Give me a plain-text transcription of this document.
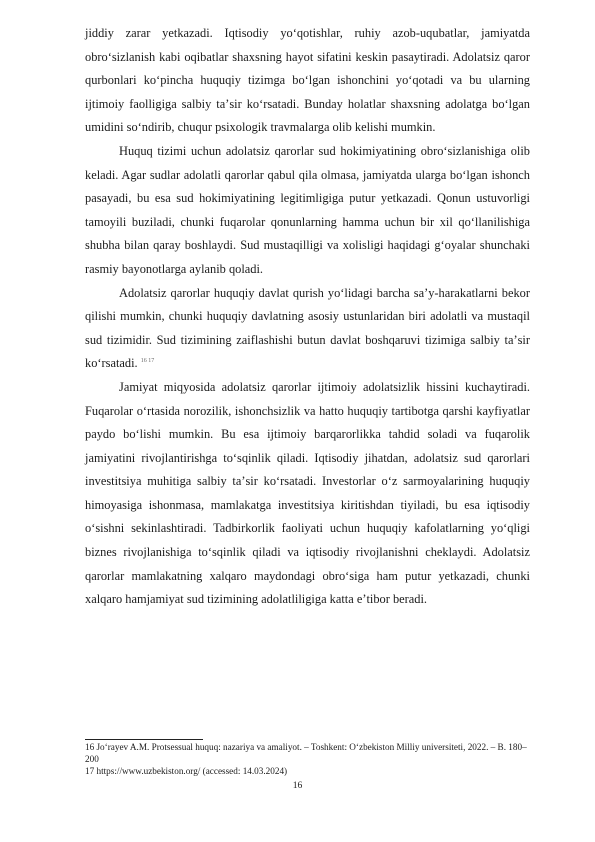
jiddiy zarar yetkazadi. Iqtisodiy yoʻqotishlar, ruhiy azob-uqubatlar, jamiyatda obroʻsizlanish kabi oqibatlar shaxsning hayot sifatini keskin pasaytiradi. Adolatsiz qaror qurbonlari koʻpincha huquqiy tizimga boʻlgan ishonchini yoʻqotadi va bu ularning ijtimoiy faolligiga salbiy taʼsir koʻrsatadi. Bunday holatlar shaxsning adolatga boʻlgan umidini soʻndirib, chuqur psixologik travmalarga olib kelishi mumkin.

Huquq tizimi uchun adolatsiz qarorlar sud hokimiyatining obroʻsizlanishiga olib keladi. Agar sudlar adolatli qarorlar qabul qila olmasa, jamiyatda ularga boʻlgan ishonch pasayadi, bu esa sud hokimiyatining legitimligiga putur yetkazadi. Qonun ustuvorligi tamoyili buziladi, chunki fuqarolar qonunlarning hamma uchun bir xil qoʻllanilishiga shubha bilan qaray boshlaydi. Sud mustaqilligi va xolisligi haqidagi gʻoyalar shunchaki rasmiy bayonotlarga aylanib qoladi.

Adolatsiz qarorlar huquqiy davlat qurish yoʻlidagi barcha saʼy-harakatlarni bekor qilishi mumkin, chunki huquqiy davlatning asosiy ustunlaridan biri adolatli va mustaqil sud tizimidir. Sud tizimining zaiflashishi butun davlat boshqaruvi tizimiga salbiy taʼsir koʻrsatadi. $^{16 17}$

Jamiyat miqyosida adolatsiz qarorlar ijtimoiy adolatsizlik hissini kuchaytiradi. Fuqarolar oʻrtasida norozilik, ishonchsizlik va hatto huquqiy tartibotga qarshi kayfiyatlar paydo boʻlishi mumkin. Bu esa ijtimoiy barqarorlikka tahdid soladi va fuqarolik jamiyatini rivojlantirishga toʻsqinlik qiladi. Iqtisodiy jihatdan, adolatsiz sud qarorlari investitsiya muhitiga salbiy taʼsir koʻrsatadi. Investorlar oʻz sarmoyalarining huquqiy himoyasiga ishonmasa, mamlakatga investitsiya kiritishdan tiyiladi, bu esa iqtisodiy oʻsishni sekinlashtiradi. Tadbirkorlik faoliyati uchun huquqiy kafolatlarning yoʻqligi biznes rivojlanishiga toʻsqinlik qiladi va iqtisodiy rivojlanishni cheklaydi. Adolatsiz qarorlar mamlakatning xalqaro maydondagi obroʻsiga ham putur yetkazadi, chunki xalqaro hamjamiyat sud tizimining adolatliligiga katta eʼtibor beradi.

16 Joʻrayev A.M. Protsessual huquq: nazariya va amaliyot. – Toshkent: Oʻzbekiston Milliy universiteti, 2022. – B. 180–200

17 https://www.uzbekiston.org/ (accessed: 14.03.2024)

16
